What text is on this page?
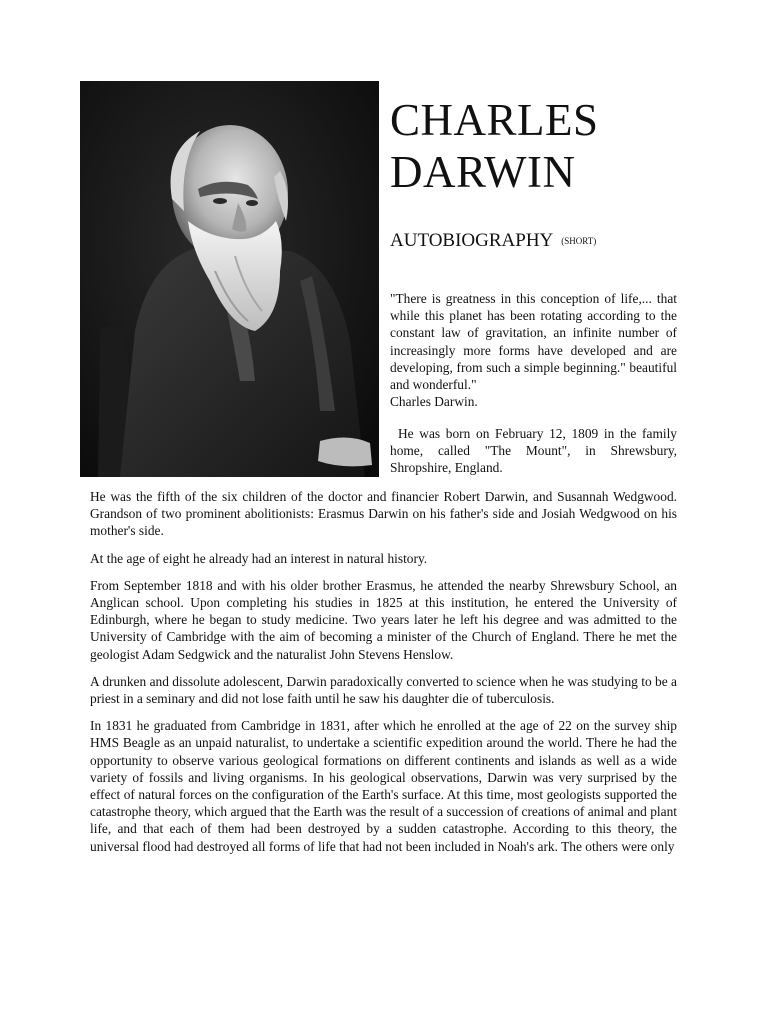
CHARLES
DARWIN
AUTOBIOGRAPHY (SHORT)

"There is greatness in this conception of life,... that while this planet has been rotating according to the constant law of gravitation, an infinite number of increasingly more forms have developed and are developing, from such a simple beginning." beautiful and wonderful."
Charles Darwin.

He was born on February 12, 1809 in the family home, called "The Mount", in Shrewsbury, Shropshire, England.

He was the fifth of the six children of the doctor and financier Robert Darwin, and Susannah Wedgwood. Grandson of two prominent abolitionists: Erasmus Darwin on his father's side and Josiah Wedgwood on his mother's side.

At the age of eight he already had an interest in natural history.

From September 1818 and with his older brother Erasmus, he attended the nearby Shrewsbury School, an Anglican school. Upon completing his studies in 1825 at this institution, he entered the University of Edinburgh, where he began to study medicine. Two years later he left his degree and was admitted to the University of Cambridge with the aim of becoming a minister of the Church of England. There he met the geologist Adam Sedgwick and the naturalist John Stevens Henslow.

A drunken and dissolute adolescent, Darwin paradoxically converted to science when he was studying to be a priest in a seminary and did not lose faith until he saw his daughter die of tuberculosis.

In 1831 he graduated from Cambridge in 1831, after which he enrolled at the age of 22 on the survey ship HMS Beagle as an unpaid naturalist, to undertake a scientific expedition around the world. There he had the opportunity to observe various geological formations on different continents and islands as well as a wide variety of fossils and living organisms. In his geological observations, Darwin was very surprised by the effect of natural forces on the configuration of the Earth's surface. At this time, most geologists supported the catastrophe theory, which argued that the Earth was the result of a succession of creations of animal and plant life, and that each of them had been destroyed by a sudden catastrophe. According to this theory, the universal flood had destroyed all forms of life that had not been included in Noah's ark. The others were only
